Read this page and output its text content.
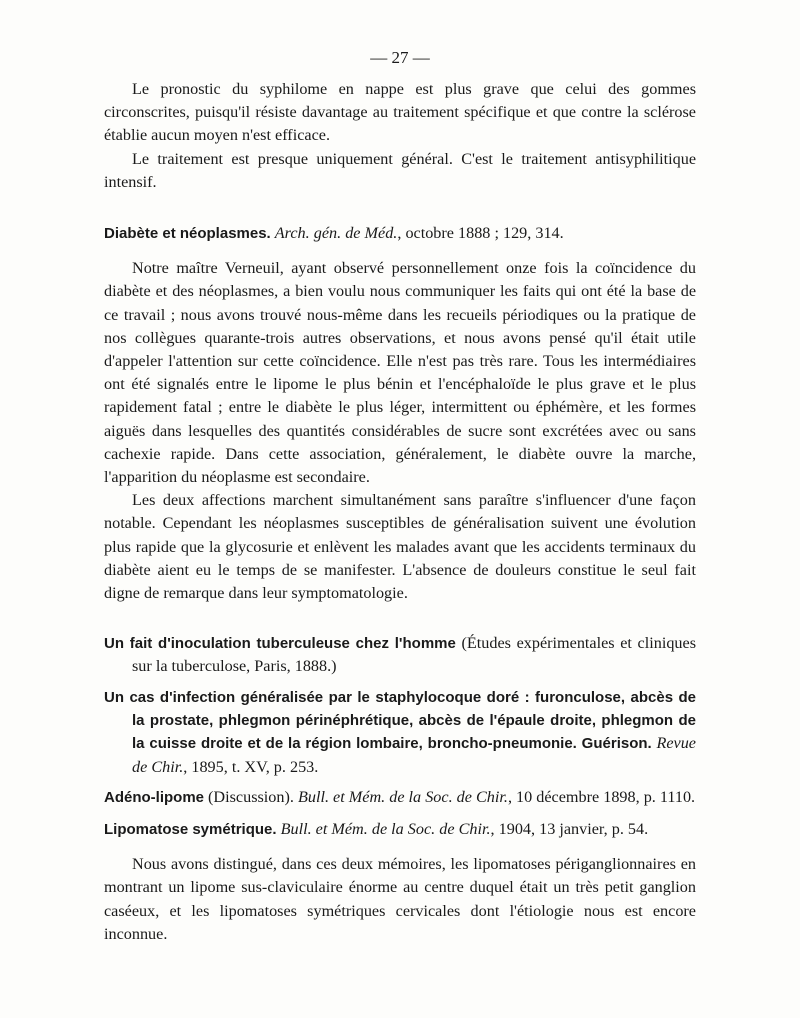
— 27 —

Le pronostic du syphilome en nappe est plus grave que celui des gommes circonscrites, puisqu'il résiste davantage au traitement spécifique et que contre la sclérose établie aucun moyen n'est efficace.

Le traitement est presque uniquement général. C'est le traitement antisyphilitique intensif.

Diabète et néoplasmes. Arch. gén. de Méd., octobre 1888 ; 129, 314.

Notre maître Verneuil, ayant observé personnellement onze fois la coïncidence du diabète et des néoplasmes, a bien voulu nous communiquer les faits qui ont été la base de ce travail ; nous avons trouvé nous-même dans les recueils périodiques ou la pratique de nos collègues quarante-trois autres observations, et nous avons pensé qu'il était utile d'appeler l'attention sur cette coïncidence. Elle n'est pas très rare. Tous les intermédiaires ont été signalés entre le lipome le plus bénin et l'encéphaloïde le plus grave et le plus rapidement fatal ; entre le diabète le plus léger, intermittent ou éphémère, et les formes aiguës dans lesquelles des quantités considérables de sucre sont excrétées avec ou sans cachexie rapide. Dans cette association, généralement, le diabète ouvre la marche, l'apparition du néoplasme est secondaire.

Les deux affections marchent simultanément sans paraître s'influencer d'une façon notable. Cependant les néoplasmes susceptibles de généralisation suivent une évolution plus rapide que la glycosurie et enlèvent les malades avant que les accidents terminaux du diabète aient eu le temps de se manifester. L'absence de douleurs constitue le seul fait digne de remarque dans leur symptomatologie.

Un fait d'inoculation tuberculeuse chez l'homme (Études expérimentales et cliniques sur la tuberculose, Paris, 1888.)

Un cas d'infection généralisée par le staphylocoque doré : furonculose, abcès de la prostate, phlegmon périnéphrétique, abcès de l'épaule droite, phlegmon de la cuisse droite et de la région lombaire, broncho-pneumonie. Guérison. Revue de Chir., 1895, t. XV, p. 253.

Adéno-lipome (Discussion). Bull. et Mém. de la Soc. de Chir., 10 décembre 1898, p. 1110.

Lipomatose symétrique. Bull. et Mém. de la Soc. de Chir., 1904, 13 janvier, p. 54.

Nous avons distingué, dans ces deux mémoires, les lipomatoses périganglionnaires en montrant un lipome sus-claviculaire énorme au centre duquel était un très petit ganglion caséeux, et les lipomatoses symétriques cervicales dont l'étiologie nous est encore inconnue.
